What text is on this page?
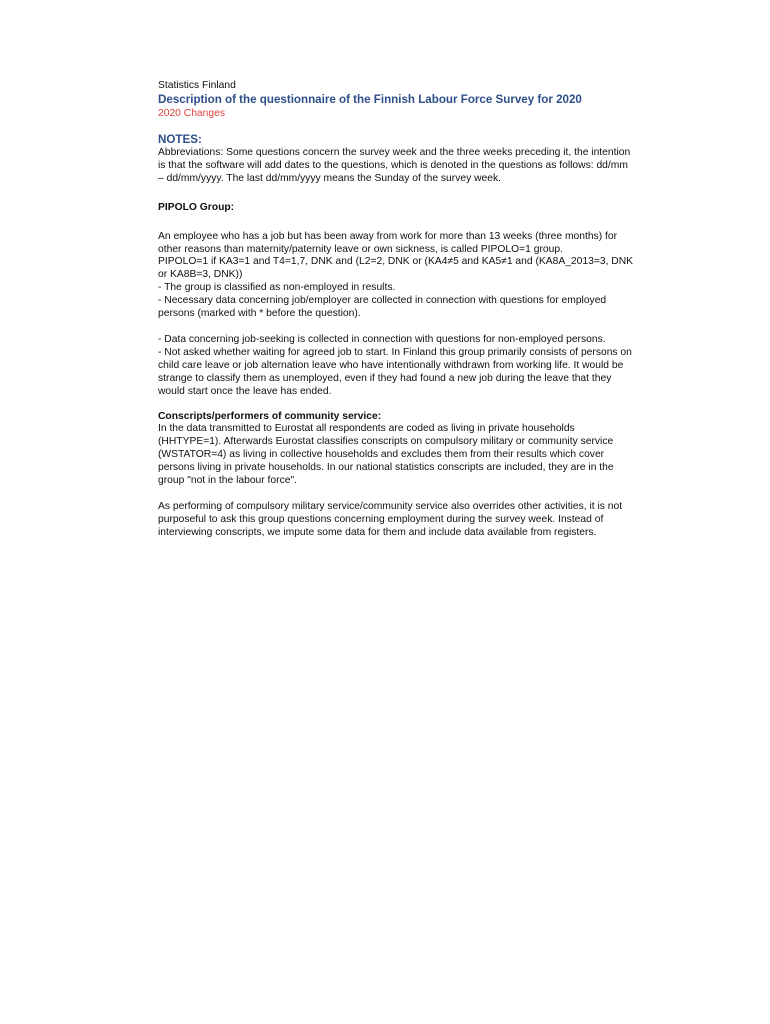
Statistics Finland

Description of the questionnaire of the Finnish Labour Force Survey for 2020

2020 Changes

NOTES:

Abbreviations: Some questions concern the survey week and the three weeks preceding it, the intention is that the software will add dates to the questions, which is denoted in the questions as follows: dd/mm – dd/mm/yyyy. The last dd/mm/yyyy means the Sunday of the survey week.

PIPOLO Group:

An employee who has a job but has been away from work for more than 13 weeks (three months) for other reasons than maternity/paternity leave or own sickness, is called PIPOLO=1 group.

PIPOLO=1 if KA3=1 and T4=1,7, DNK and (L2=2, DNK or (KA4≠5 and KA5≠1 and (KA8A_2013=3, DNK or KA8B=3, DNK))

- The group is classified as non-employed in results.

- Necessary data concerning job/employer are collected in connection with questions for employed persons (marked with * before the question).

- Data concerning job-seeking is collected in connection with questions for non-employed persons.

- Not asked whether waiting for agreed job to start. In Finland this group primarily consists of persons on child care leave or job alternation leave who have intentionally withdrawn from working life. It would be strange to classify them as unemployed, even if they had found a new job during the leave that they would start once the leave has ended.

Conscripts/performers of community service:

In the data transmitted to Eurostat all respondents are coded as living in private households (HHTYPE=1). Afterwards Eurostat classifies conscripts on compulsory military or community service (WSTATOR=4) as living in collective households and excludes them from their results which cover persons living in private households. In our national statistics conscripts are included, they are in the group "not in the labour force".

As performing of compulsory military service/community service also overrides other activities, it is not purposeful to ask this group questions concerning employment during the survey week. Instead of interviewing conscripts, we impute some data for them and include data available from registers.
